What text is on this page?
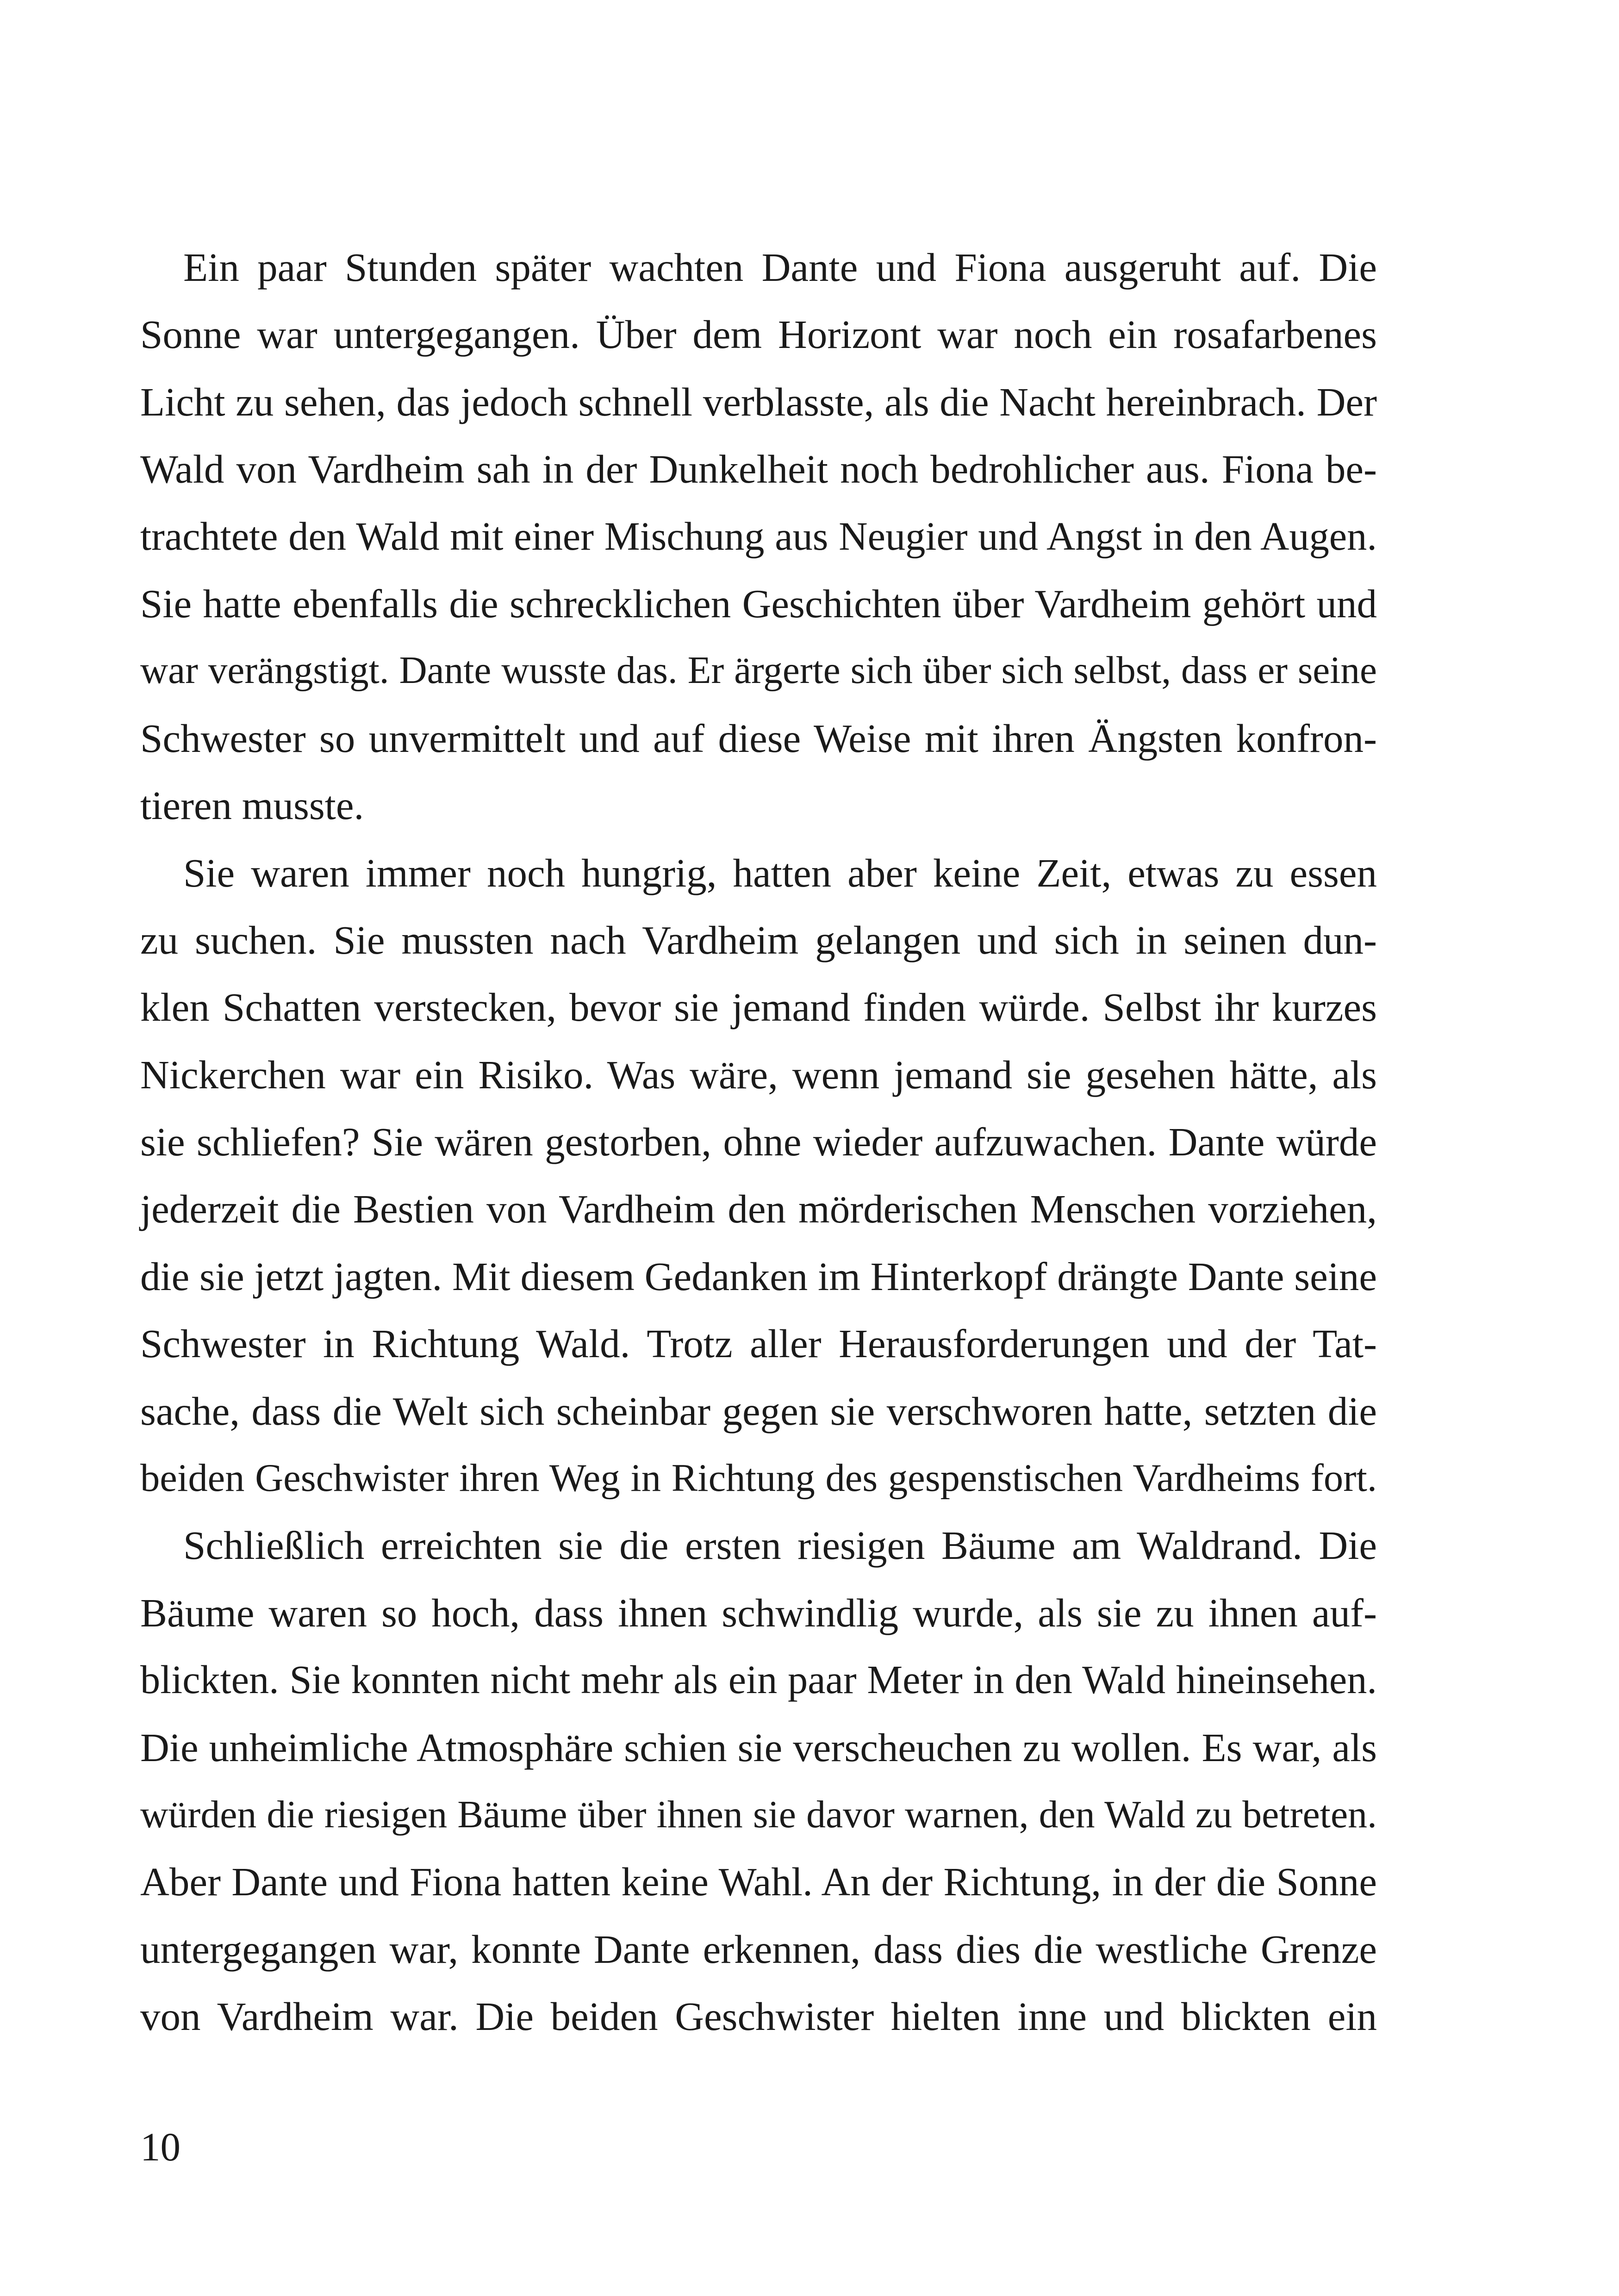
Ein paar Stunden später wachten Dante und Fiona ausgeruht auf. Die
Sonne war untergegangen. Über dem Horizont war noch ein rosafarbenes
Licht zu sehen, das jedoch schnell verblasste, als die Nacht hereinbrach. Der
Wald von Vardheim sah in der Dunkelheit noch bedrohlicher aus. Fiona be-
trachtete den Wald mit einer Mischung aus Neugier und Angst in den Augen.
Sie hatte ebenfalls die schrecklichen Geschichten über Vardheim gehört und
war verängstigt. Dante wusste das. Er ärgerte sich über sich selbst, dass er seine
Schwester so unvermittelt und auf diese Weise mit ihren Ängsten konfron-
tieren musste.
Sie waren immer noch hungrig, hatten aber keine Zeit, etwas zu essen
zu suchen. Sie mussten nach Vardheim gelangen und sich in seinen dun-
klen Schatten verstecken, bevor sie jemand finden würde. Selbst ihr kurzes
Nickerchen war ein Risiko. Was wäre, wenn jemand sie gesehen hätte, als
sie schliefen? Sie wären gestorben, ohne wieder aufzuwachen. Dante würde
jederzeit die Bestien von Vardheim den mörderischen Menschen vorziehen,
die sie jetzt jagten. Mit diesem Gedanken im Hinterkopf drängte Dante seine
Schwester in Richtung Wald. Trotz aller Herausforderungen und der Tat-
sache, dass die Welt sich scheinbar gegen sie verschworen hatte, setzten die
beiden Geschwister ihren Weg in Richtung des gespenstischen Vardheims fort.
Schließlich erreichten sie die ersten riesigen Bäume am Waldrand. Die
Bäume waren so hoch, dass ihnen schwindlig wurde, als sie zu ihnen auf-
blickten. Sie konnten nicht mehr als ein paar Meter in den Wald hineinsehen.
Die unheimliche Atmosphäre schien sie verscheuchen zu wollen. Es war, als
würden die riesigen Bäume über ihnen sie davor warnen, den Wald zu betreten.
Aber Dante und Fiona hatten keine Wahl. An der Richtung, in der die Sonne
untergegangen war, konnte Dante erkennen, dass dies die westliche Grenze
von Vardheim war. Die beiden Geschwister hielten inne und blickten ein
10
